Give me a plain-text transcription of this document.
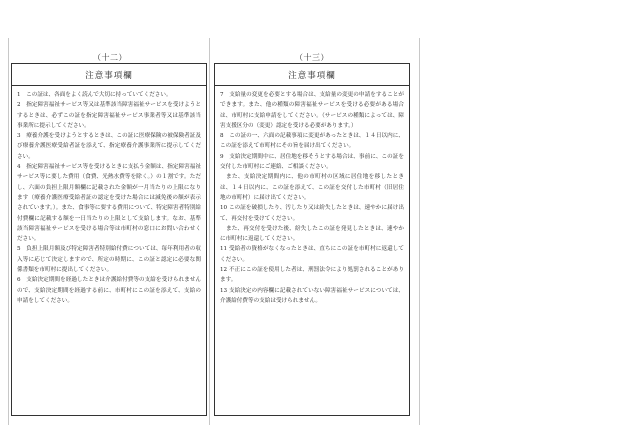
（十二）	（十三）
注意事項欄

1　この証は、各面をよく読んで大切に持っていてください。

2　指定障害福祉サービス等又は基準該当障害福祉サービスを受けようとするときは、必ずこの証を指定障害福祉サービス事業者等又は基準該当事業所に提示してください。

3　療養介護を受けようとするときは、この証に医療保険の被保険者証及び療養介護医療受給者証を添えて、指定療養介護事業所に提示してください。

4　指定障害福祉サービス等を受けるときに支払う金額は、指定障害福祉サービス等に要した費用（食費、光熱水費等を除く。）の１割です。ただし、六面の負担上限月額欄に記載された金額が一月当たりの上限になります（療養介護医療受給者証の認定を受けた場合には減免後の額が表示されています。）。また、食事等に要する費用について、特定障害者特別給付費欄に記載する額を一日当たりの上限として支給します。なお、基準該当障害福祉サービスを受ける場合等は市町村の窓口にお問い合わせください。

5　負担上限月額及び特定障害者特別給付費については、毎年利用者の収入等に応じて決定しますので、所定の時期に、この証と認定に必要な関係書類を市町村に提出してください。

6　支給決定期間を経過したときは介護給付費等の支給を受けられませんので、支給決定期間を経過する前に、市町村にこの証を添えて、支給の申請をしてください。

注意事項欄

7　支給量の変更を必要とする場合は、支給量の変更の申請をすることができます。また、他の種類の障害福祉サービスを受ける必要がある場合は、市町村に支給申請をしてください。（サービスの種類によっては、障害支援区分の（変更）認定を受ける必要があります。）

8　この証の一、六面の記載事項に変更があったときは、１４日以内に、この証を添えて市町村にその旨を届け出てください。

9　支給決定期間中に、居住地を移そうとする場合は、事前に、この証を交付した市町村にご連絡、ご相談ください。

また、支給決定期間内に、他の市町村の区域に居住地を移したときは、１４日以内に、この証を添えて、この証を交付した市町村（旧居住地の市町村）に届け出てください。

10 この証を破損したり、汚したり又は紛失したときは、速やかに届け出て、再交付を受けてください。

また、再交付を受けた後、紛失したこの証を発見したときは、速やかに市町村に返還してください。

11 受給者の資格がなくなったときは、直ちにこの証を市町村に返還してください。

12 不正にこの証を使用した者は、刑罰法令により処罰されることがあります。

13 支給決定の内容欄に記載されていない障害福祉サービスについては、介護給付費等の支給は受けられません。
